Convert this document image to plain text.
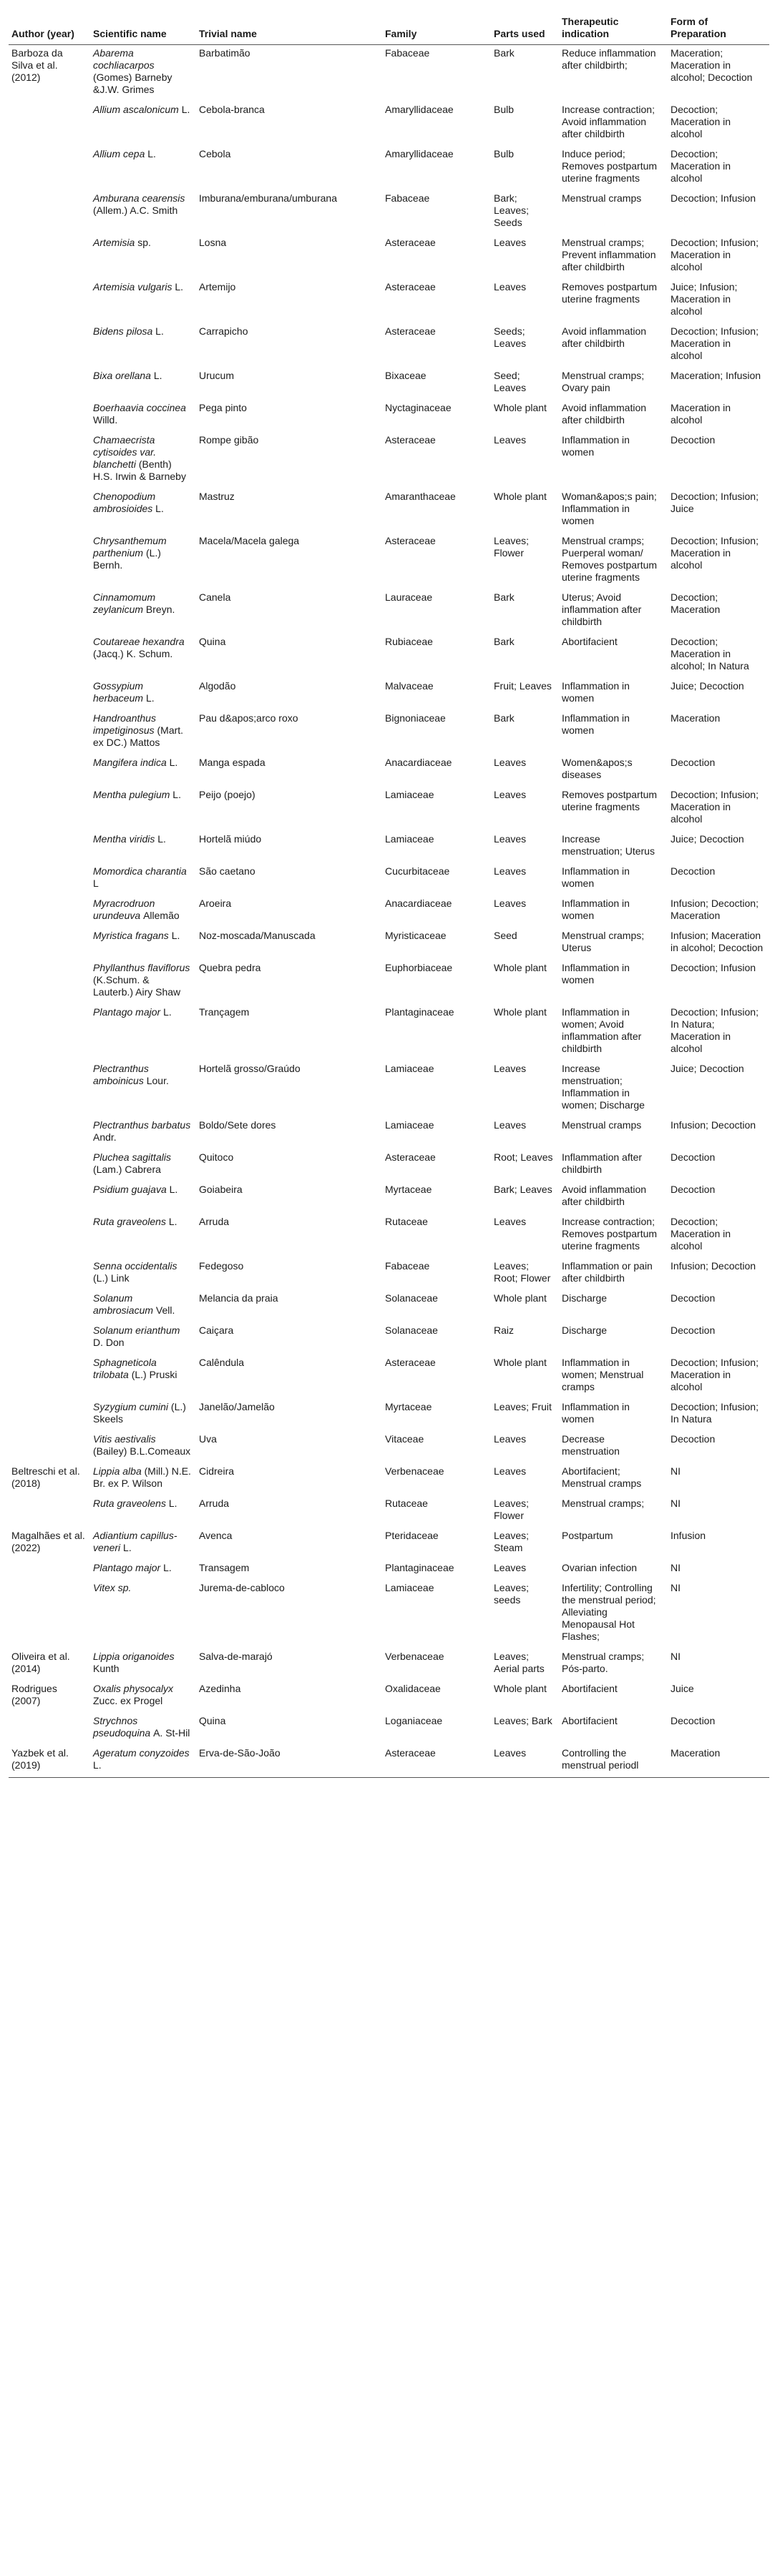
Author (year)	Scientific name	Trivial name	Family	Parts used	Therapeutic indication	Form of Preparation
Barboza da Silva et al. (2012)	Abarema cochliacarpos (Gomes) Barneby &J.W. Grimes	Barbatimão	Fabaceae	Bark	Reduce inflammation after childbirth;	Maceration; Maceration in alcohol; Decoction
	Allium ascalonicum L.	Cebola-branca	Amaryllidaceae	Bulb	Increase contraction; Avoid inflammation after childbirth	Decoction; Maceration in alcohol
	Allium cepa L.	Cebola	Amaryllidaceae	Bulb	Induce period; Removes postpartum uterine fragments	Decoction; Maceration in alcohol
	Amburana cearensis (Allem.) A.C. Smith	Imburana/emburana/umburana	Fabaceae	Bark; Leaves; Seeds	Menstrual cramps	Decoction; Infusion
	Artemisia sp.	Losna	Asteraceae	Leaves	Menstrual cramps; Prevent inflammation after childbirth	Decoction; Infusion; Maceration in alcohol
	Artemisia vulgaris L.	Artemijo	Asteraceae	Leaves	Removes postpartum uterine fragments	Juice; Infusion; Maceration in alcohol
	Bidens pilosa L.	Carrapicho	Asteraceae	Seeds; Leaves	Avoid inflammation after childbirth	Decoction; Infusion; Maceration in alcohol
	Bixa orellana L.	Urucum	Bixaceae	Seed; Leaves	Menstrual cramps; Ovary pain	Maceration; Infusion
	Boerhaavia coccinea Willd.	Pega pinto	Nyctaginaceae	Whole plant	Avoid inflammation after childbirth	Maceration in alcohol
	Chamaecrista cytisoides var. blanchetti (Benth) H.S. Irwin & Barneby	Rompe gibão	Asteraceae	Leaves	Inflammation in women	Decoction
	Chenopodium ambrosioides L.	Mastruz	Amaranthaceae	Whole plant	Woman&apos;s pain; Inflammation in women	Decoction; Infusion; Juice
	Chrysanthemum parthenium (L.) Bernh.	Macela/Macela galega	Asteraceae	Leaves; Flower	Menstrual cramps; Puerperal woman/ Removes postpartum uterine fragments	Decoction; Infusion; Maceration in alcohol
	Cinnamomum zeylanicum Breyn.	Canela	Lauraceae	Bark	Uterus; Avoid inflammation after childbirth	Decoction; Maceration
	Coutareae hexandra (Jacq.) K. Schum.	Quina	Rubiaceae	Bark	Abortifacient	Decoction; Maceration in alcohol; In Natura
	Gossypium herbaceum L.	Algodão	Malvaceae	Fruit; Leaves	Inflammation in women	Juice; Decoction
	Handroanthus impetiginosus (Mart. ex DC.) Mattos	Pau d&apos;arco roxo	Bignoniaceae	Bark	Inflammation in women	Maceration
	Mangifera indica L.	Manga espada	Anacardiaceae	Leaves	Women&apos;s diseases	Decoction
	Mentha pulegium L.	Peijo (poejo)	Lamiaceae	Leaves	Removes postpartum uterine fragments	Decoction; Infusion; Maceration in alcohol
	Mentha viridis L.	Hortelã miúdo	Lamiaceae	Leaves	Increase menstruation; Uterus	Juice; Decoction
	Momordica charantia L	São caetano	Cucurbitaceae	Leaves	Inflammation in women	Decoction
	Myracrodruon urundeuva Allemão	Aroeira	Anacardiaceae	Leaves	Inflammation in women	Infusion; Decoction; Maceration
	Myristica fragans L.	Noz-moscada/Manuscada	Myristicaceae	Seed	Menstrual cramps; Uterus	Infusion; Maceration in alcohol; Decoction
	Phyllanthus flaviflorus (K.Schum. & Lauterb.) Airy Shaw	Quebra pedra	Euphorbiaceae	Whole plant	Inflammation in women	Decoction; Infusion
	Plantago major L.	Trançagem	Plantaginaceae	Whole plant	Inflammation in women; Avoid inflammation after childbirth	Decoction; Infusion; In Natura; Maceration in alcohol
	Plectranthus amboinicus Lour.	Hortelã grosso/Graúdo	Lamiaceae	Leaves	Increase menstruation; Inflammation in women; Discharge	Juice; Decoction
	Plectranthus barbatus Andr.	Boldo/Sete dores	Lamiaceae	Leaves	Menstrual cramps	Infusion; Decoction
	Pluchea sagittalis (Lam.) Cabrera	Quitoco	Asteraceae	Root; Leaves	Inflammation after childbirth	Decoction
	Psidium guajava L.	Goiabeira	Myrtaceae	Bark; Leaves	Avoid inflammation after childbirth	Decoction
	Ruta graveolens L.	Arruda	Rutaceae	Leaves	Increase contraction; Removes postpartum uterine fragments	Decoction; Maceration in alcohol
	Senna occidentalis (L.) Link	Fedegoso	Fabaceae	Leaves; Root; Flower	Inflammation or pain after childbirth	Infusion; Decoction
	Solanum ambrosiacum Vell.	Melancia da praia	Solanaceae	Whole plant	Discharge	Decoction
	Solanum erianthum D. Don	Caiçara	Solanaceae	Raiz	Discharge	Decoction
	Sphagneticola trilobata (L.) Pruski	Calêndula	Asteraceae	Whole plant	Inflammation in women; Menstrual cramps	Decoction; Infusion; Maceration in alcohol
	Syzygium cumini (L.) Skeels	Janelão/Jamelão	Myrtaceae	Leaves; Fruit	Inflammation in women	Decoction; Infusion; In Natura
	Vitis aestivalis (Bailey) B.L.Comeaux	Uva	Vitaceae	Leaves	Decrease menstruation	Decoction
Beltreschi et al. (2018)	Lippia alba (Mill.) N.E. Br. ex P. Wilson	Cidreira	Verbenaceae	Leaves	Abortifacient; Menstrual cramps	NI
	Ruta graveolens L.	Arruda	Rutaceae	Leaves; Flower	Menstrual cramps;	NI
Magalhães et al. (2022)	Adiantium capillus-veneri L.	Avenca	Pteridaceae	Leaves; Steam	Postpartum	Infusion
	Plantago major L.	Transagem	Plantaginaceae	Leaves	Ovarian infection	NI
	Vitex sp.	Jurema-de-cabloco	Lamiaceae	Leaves; seeds	Infertility; Controlling the menstrual period; Alleviating Menopausal Hot Flashes;	NI
Oliveira et al. (2014)	Lippia origanoides Kunth	Salva-de-marajó	Verbenaceae	Leaves; Aerial parts	Menstrual cramps; Pós-parto.	NI
Rodrigues (2007)	Oxalis physocalyx Zucc. ex Progel	Azedinha	Oxalidaceae	Whole plant	Abortifacient	Juice
	Strychnos pseudoquina A. St-Hil	Quina	Loganiaceae	Leaves; Bark	Abortifacient	Decoction
Yazbek et al. (2019)	Ageratum conyzoides L.	Erva-de-São-João	Asteraceae	Leaves	Controlling the menstrual periodl	Maceration
